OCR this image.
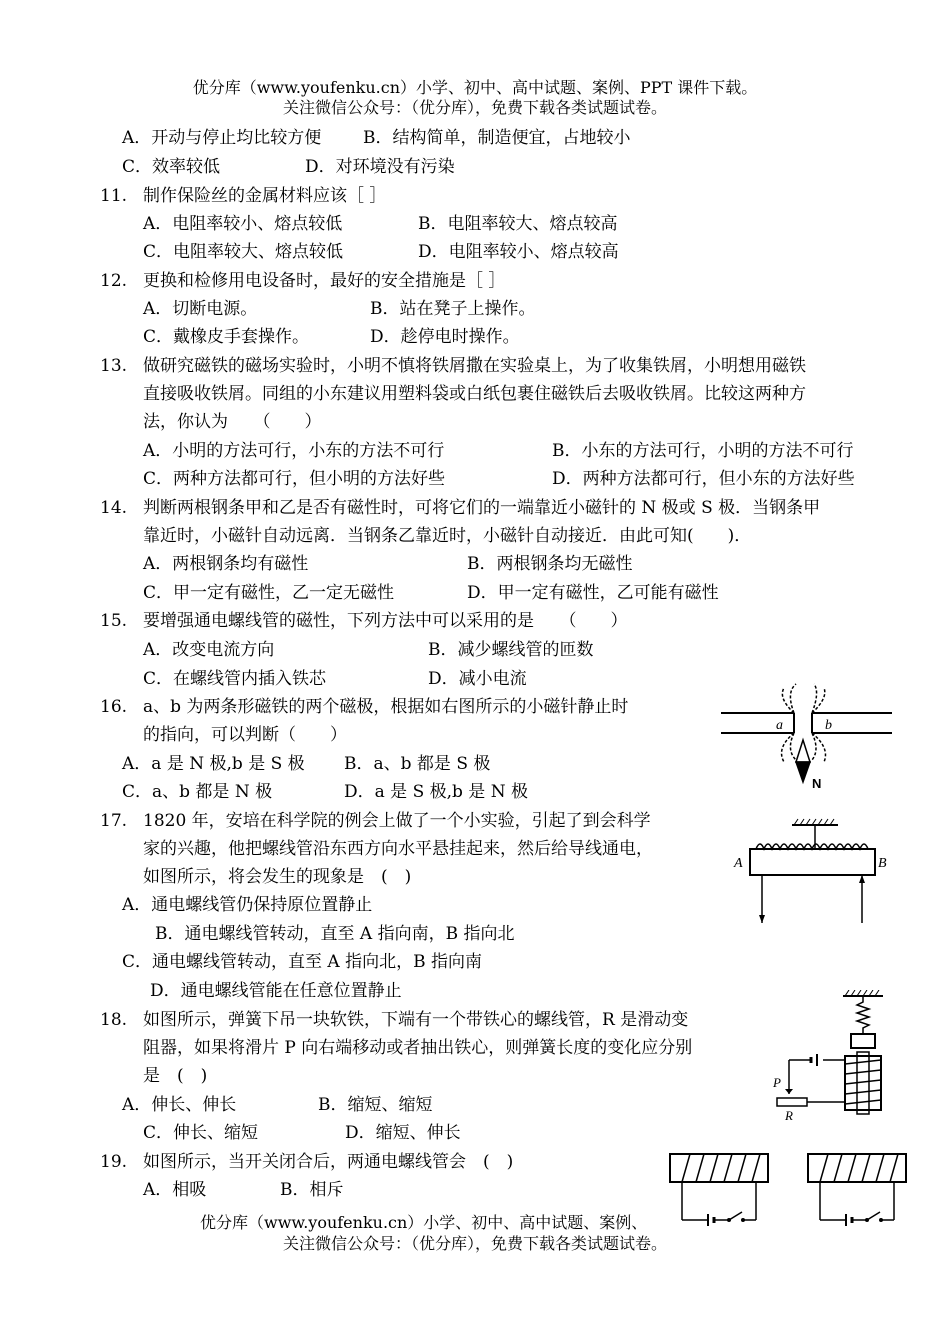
优分库（www.youfenku.cn）小学、初中、高中试题、案例、PPT 课件下载。
关注微信公众号：（优分库），免费下载各类试题试卷。
A．开动与停止均比较方便 B．结构简单，制造便宜，占地较小
C．效率较低	D．对环境没有污染
11. 制作保险丝的金属材料应该［ ］
A．电阻率较小、熔点较低	B．电阻率较大、熔点较高
C．电阻率较大、熔点较低	D．电阻率较小、熔点较高
12. 更换和检修用电设备时，最好的安全措施是［ ］
A．切断电源。	B．站在凳子上操作。
C．戴橡皮手套操作。	D．趁停电时操作。
13. 做研究磁铁的磁场实验时，小明不慎将铁屑撒在实验桌上，为了收集铁屑，小明想用磁铁
直接吸收铁屑。同组的小东建议用塑料袋或白纸包裹住磁铁后去吸收铁屑。比较这两种方
法，你认为　　（　　）
A．小明的方法可行，小东的方法不可行	B．小东的方法可行，小明的方法不可行
C．两种方法都可行，但小明的方法好些	D．两种方法都可行，但小东的方法好些
14. 判断两根钢条甲和乙是否有磁性时，可将它们的一端靠近小磁针的 N 极或 S 极．当钢条甲
靠近时，小磁针自动远离．当钢条乙靠近时，小磁针自动接近．由此可知(　　)．
A．两根钢条均有磁性	B．两根钢条均无磁性
C．甲一定有磁性，乙一定无磁性	D．甲一定有磁性，乙可能有磁性
15. 要增强通电螺线管的磁性，下列方法中可以采用的是　　（　　）
A．改变电流方向	B．减少螺线管的匝数
C．在螺线管内插入铁芯	D．减小电流
16. a、b 为两条形磁铁的两个磁极，根据如右图所示的小磁针静止时
的指向，可以判断（　　）
A．a 是 N 极,b 是 S 极 B．a、b 都是 S 极
C．a、b 都是 N 极	D．a 是 S 极,b 是 N 极
a	b
N
17. 1820 年，安培在科学院的例会上做了一个小实验，引起了到会科学
家的兴趣，他把螺线管沿东西方向水平悬挂起来，然后给导线通电，
如图所示，将会发生的现象是　(　)
A．通电螺线管仍保持原位置静止
B．通电螺线管转动，直至 A 指向南，B 指向北
C．通电螺线管转动，直至 A 指向北，B 指向南
D．通电螺线管能在任意位置静止
A	B
18. 如图所示，弹簧下吊一块软铁，下端有一个带铁心的螺线管，R 是滑动变
阻器，如果将滑片 P 向右端移动或者抽出铁心，则弹簧长度的变化应分别
是　(　)
A．伸长、伸长	B．缩短、缩短
C．伸长、缩短	D．缩短、伸长
P
R
19. 如图所示，当开关闭合后，两通电螺线管会　(　)
A．相吸	B．相斥
优分库（www.youfenku.cn）小学、初中、高中试题、案例、
关注微信公众号：（优分库），免费下载各类试题试卷。
